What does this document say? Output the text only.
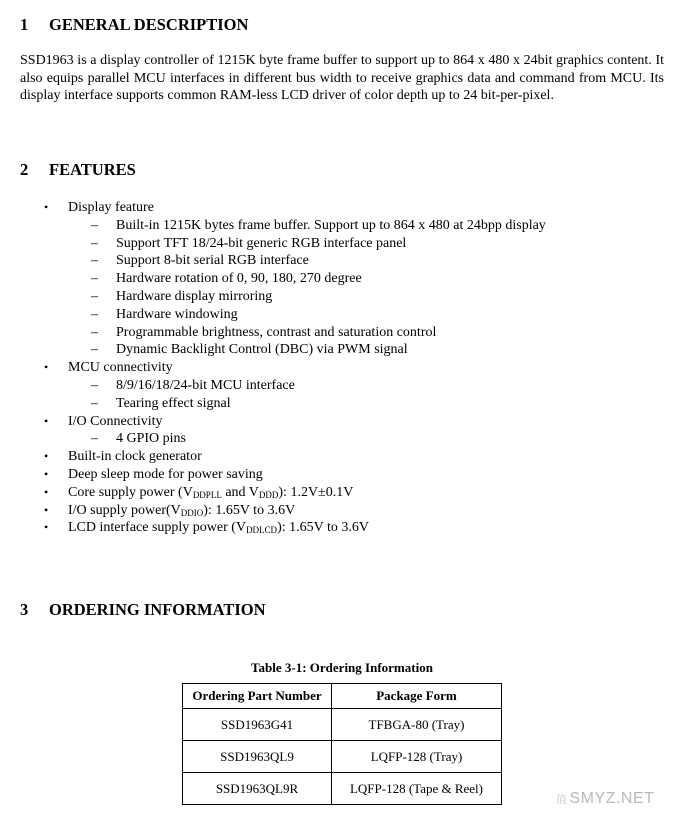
1 GENERAL DESCRIPTION

SSD1963 is a display controller of 1215K byte frame buffer to support up to 864 x 480 x 24bit graphics content. It also equips parallel MCU interfaces in different bus width to receive graphics data and command from MCU. Its display interface supports common RAM-less LCD driver of color depth up to 24 bit-per-pixel.

2 FEATURES
• Display feature
– Built-in 1215K bytes frame buffer. Support up to 864 x 480 at 24bpp display
– Support TFT 18/24-bit generic RGB interface panel
– Support 8-bit serial RGB interface
– Hardware rotation of 0, 90, 180, 270 degree
– Hardware display mirroring
– Hardware windowing
– Programmable brightness, contrast and saturation control
– Dynamic Backlight Control (DBC) via PWM signal
• MCU connectivity
– 8/9/16/18/24-bit MCU interface
– Tearing effect signal
• I/O Connectivity
– 4 GPIO pins
• Built-in clock generator
• Deep sleep mode for power saving
• Core supply power ($V_{DDPLL}$ and $V_{DDD}$): 1.2V±0.1V
• I/O supply $power(V_{DDIO})$: 1.65V to 3.6V
• LCD interface supply power $(V_{DDLCD})$: 1.65V to 3.6V
3 ORDERING INFORMATION

Table 3-1: Ordering Information

Ordering Part Number	Package Form
SSD1963G41	TFBGA-80 (Tray)
SSD1963QL9	LQFP-128 (Tray)
SSD1963QL9R	LQFP-128 (Tape & Reel)
值 SMYZ.NET
